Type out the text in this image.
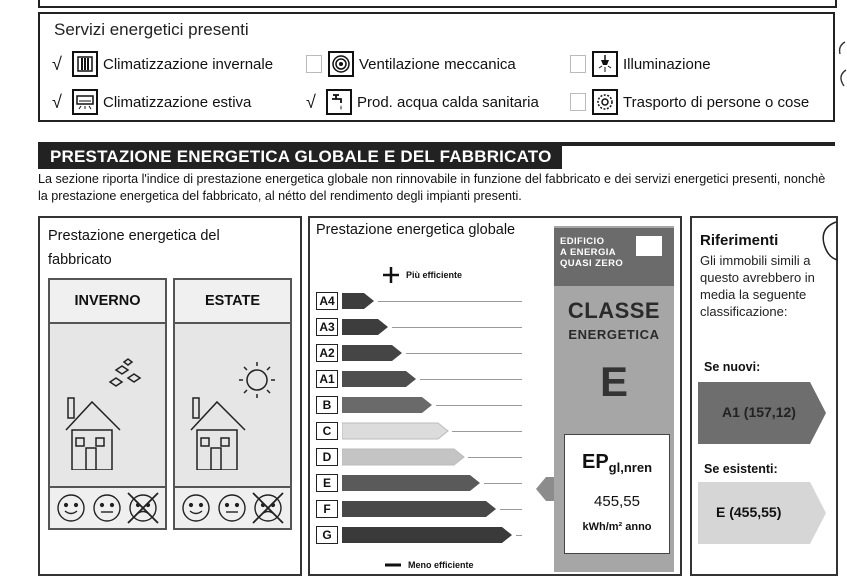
Servizi energetici presenti
√	Climatizzazione invernale	Ventilazione meccanica	Illuminazione
√	Climatizzazione estiva	√	Prod. acqua calda sanitaria	Trasporto di persone o cose
PRESTAZIONE ENERGETICA GLOBALE E DEL FABBRICATO
La sezione riporta l'indice di prestazione energetica globale non rinnovabile in funzione del fabbricato e dei servizi energetici presenti, nonchè la prestazione energetica del fabbricato, al nétto del rendimento degli impianti presenti.
Prestazione energetica del fabbricato
INVERNO	ESTATE
Prestazione energetica globale
Più efficiente
A4
A3
A2
A1
B
C
D
E
F
G
Meno efficiente
EDIFICIO
A ENERGIA
QUASI ZERO
CLASSE
ENERGETICA
E
$EP_{gl,nren}$
455,55
kWh/m² anno
Riferimenti
Gli immobili simili a questo avrebbero in media la seguente classificazione:
Se nuovi:
A1 (157,12)
Se esistenti:
E (455,55)
